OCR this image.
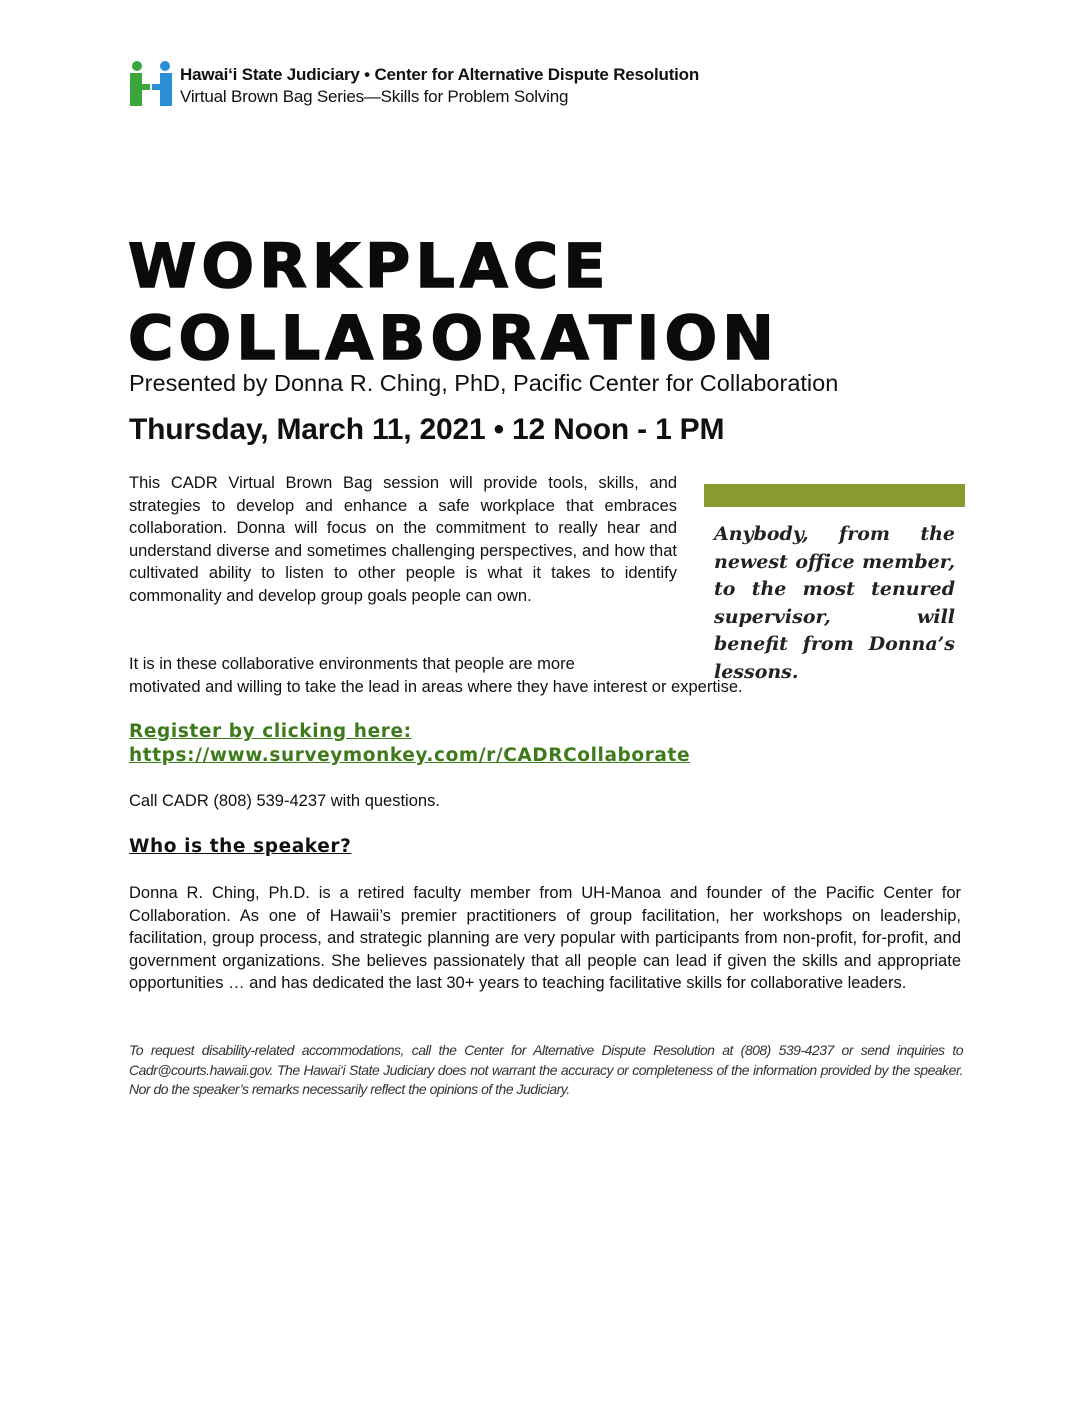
Hawai‘i State Judiciary • Center for Alternative Dispute Resolution
Virtual Brown Bag Series—Skills for Problem Solving
WORKPLACE
COLLABORATION
Presented by Donna R. Ching, PhD, Pacific Center for Collaboration
Thursday, March 11, 2021 • 12 Noon - 1 PM
This CADR Virtual Brown Bag session will provide tools, skills, and strategies to develop and enhance a safe workplace that embraces collaboration. Donna will focus on the commitment to really hear and understand diverse and sometimes challenging perspectives, and how that cultivated ability to listen to other people is what it takes to identify commonality and develop group goals people can own.
It is in these collaborative environments that people are more
motivated and willing to take the lead in areas where they have interest or expertise.
Anybody, from the newest office member, to the most tenured supervisor, will benefit from Donna’s lessons.
Register by clicking here:
https://www.surveymonkey.com/r/CADRCollaborate
Call CADR (808) 539-4237 with questions.
Who is the speaker?
Donna R. Ching, Ph.D. is a retired faculty member from UH-Manoa and founder of the Pacific Center for Collaboration. As one of Hawaii’s premier practitioners of group facilitation, her workshops on leadership, facilitation, group process, and strategic planning are very popular with participants from non-profit, for-profit, and government organizations. She believes passionately that all people can lead if given the skills and appropriate opportunities … and has dedicated the last 30+ years to teaching facilitative skills for collaborative leaders.
To request disability-related accommodations, call the Center for Alternative Dispute Resolution at (808) 539-4237 or send inquiries to Cadr@courts.hawaii.gov. The Hawai‘i State Judiciary does not warrant the accuracy or completeness of the information provided by the speaker. Nor do the speaker’s remarks necessarily reflect the opinions of the Judiciary.
